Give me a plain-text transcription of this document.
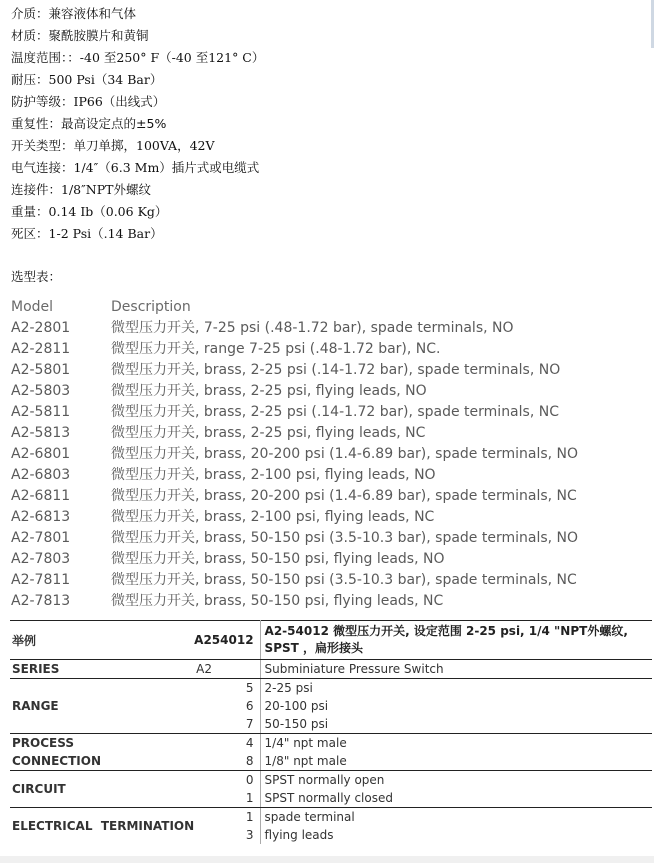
介质：兼容液体和气体
材质：聚酰胺膜片和黄铜
温度范围：：-40 至250° F（-40 至121° C）
耐压：500 Psi（34 Bar）
防护等级：IP66（出线式）
重复性：最高设定点的±5%
开关类型：单刀单掷，100VA，42V
电气连接：1/4″（6.3 Mm）插片式或电缆式
连接件：1/8″NPT外螺纹
重量：0.14 Ib（0.06 Kg）
死区：1-2 Psi（.14 Bar）
选型表：
Model	Description
A2-2801	微型压力开关, 7-25 psi (.48-1.72 bar), spade terminals, NO
A2-2811	微型压力开关, range 7-25 psi (.48-1.72 bar), NC.
A2-5801	微型压力开关, brass, 2-25 psi (.14-1.72 bar), spade terminals, NO
A2-5803	微型压力开关, brass, 2-25 psi, flying leads, NO
A2-5811	微型压力开关, brass, 2-25 psi (.14-1.72 bar), spade terminals, NC
A2-5813	微型压力开关, brass, 2-25 psi, flying leads, NC
A2-6801	微型压力开关, brass, 20-200 psi (1.4-6.89 bar), spade terminals, NO
A2-6803	微型压力开关, brass, 2-100 psi, flying leads, NO
A2-6811	微型压力开关, brass, 20-200 psi (1.4-6.89 bar), spade terminals, NC
A2-6813	微型压力开关, brass, 2-100 psi, flying leads, NC
A2-7801	微型压力开关, brass, 50-150 psi (3.5-10.3 bar), spade terminals, NO
A2-7803	微型压力开关, brass, 50-150 psi, flying leads, NO
A2-7811	微型压力开关, brass, 50-150 psi (3.5-10.3 bar), spade terminals, NC
A2-7813	微型压力开关, brass, 50-150 psi, flying leads, NC
举例	A254012	A2-54012 微型压力开关, 设定范围 2-25 psi, 1/4 "NPT外螺纹, SPST ，扁形接头
SERIES	A2	Subminiature Pressure Switch
RANGE	5	2-25 psi
	6	20-100 psi
	7	50-150 psi
PROCESS
CONNECTION	4	1/4" npt male
	8	1/8" npt male
CIRCUIT	0	SPST normally open
	1	SPST normally closed
ELECTRICAL  TERMINATION	1	spade terminal
	3	flying leads
